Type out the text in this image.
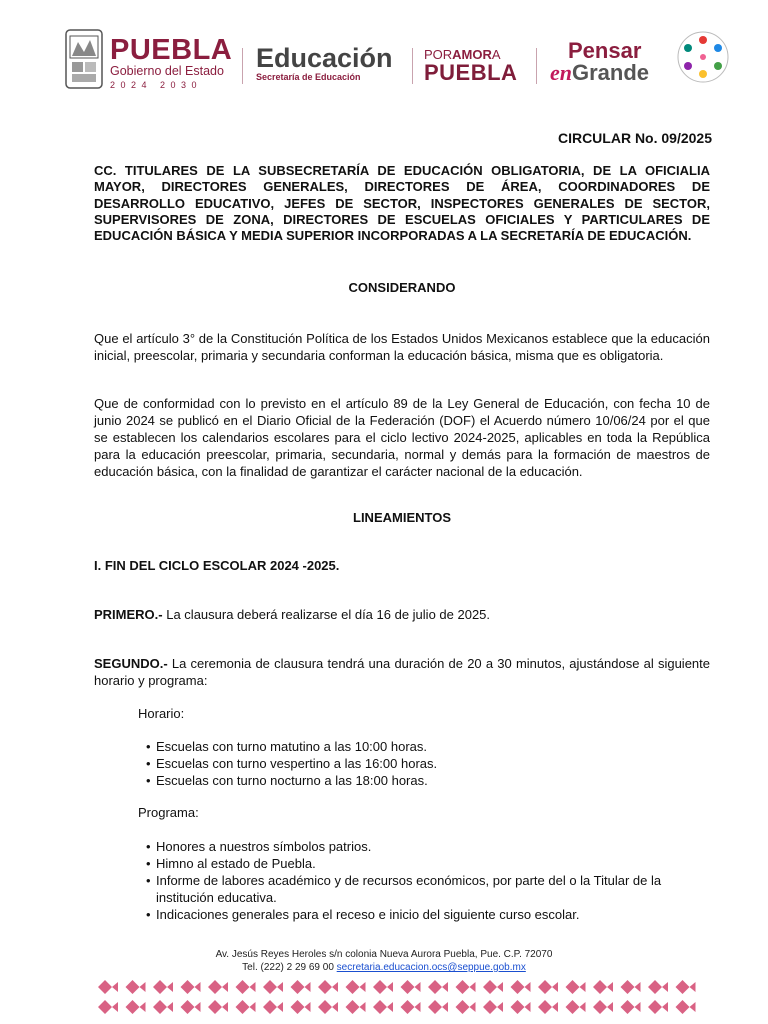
PUEBLA
Gobierno del Estado
2024 2030
Educación
Secretaría de Educación
PORAMORA
PUEBLA
Pensar
enGrande
CIRCULAR No. 09/2025
CC. TITULARES DE LA SUBSECRETARÍA DE EDUCACIÓN OBLIGATORIA, DE LA OFICIALIA MAYOR, DIRECTORES GENERALES, DIRECTORES DE ÁREA, COORDINADORES DE DESARROLLO EDUCATIVO, JEFES DE SECTOR, INSPECTORES GENERALES DE SECTOR, SUPERVISORES DE ZONA, DIRECTORES DE ESCUELAS OFICIALES Y PARTICULARES DE EDUCACIÓN BÁSICA Y MEDIA SUPERIOR INCORPORADAS A LA SECRETARÍA DE EDUCACIÓN.
CONSIDERANDO
Que el artículo 3° de la Constitución Política de los Estados Unidos Mexicanos establece que la educación inicial, preescolar, primaria y secundaria conforman la educación básica, misma que es obligatoria.
Que de conformidad con lo previsto en el artículo 89 de la Ley General de Educación, con fecha 10 de junio 2024 se publicó en el Diario Oficial de la Federación (DOF) el Acuerdo número 10/06/24 por el que se establecen los calendarios escolares para el ciclo lectivo 2024-2025, aplicables en toda la República para la educación preescolar, primaria, secundaria, normal y demás para la formación de maestros de educación básica, con la finalidad de garantizar el carácter nacional de la educación.
LINEAMIENTOS
I. FIN DEL CICLO ESCOLAR 2024 -2025.
PRIMERO.- La clausura deberá realizarse el día 16 de julio de 2025.
SEGUNDO.- La ceremonia de clausura tendrá una duración de 20 a 30 minutos, ajustándose al siguiente horario y programa:
Horario:
• Escuelas con turno matutino a las 10:00 horas.
• Escuelas con turno vespertino a las 16:00 horas.
• Escuelas con turno nocturno a las 18:00 horas.
Programa:
• Honores a nuestros símbolos patrios.
• Himno al estado de Puebla.
• Informe de labores académico y de recursos económicos, por parte del o la Titular de la institución educativa.
• Indicaciones generales para el receso e inicio del siguiente curso escolar.
Av. Jesús Reyes Heroles s/n colonia Nueva Aurora Puebla, Pue. C.P. 72070
Tel. (222) 2 29 69 00 secretaria.educacion.ocs@seppue.gob.mx
